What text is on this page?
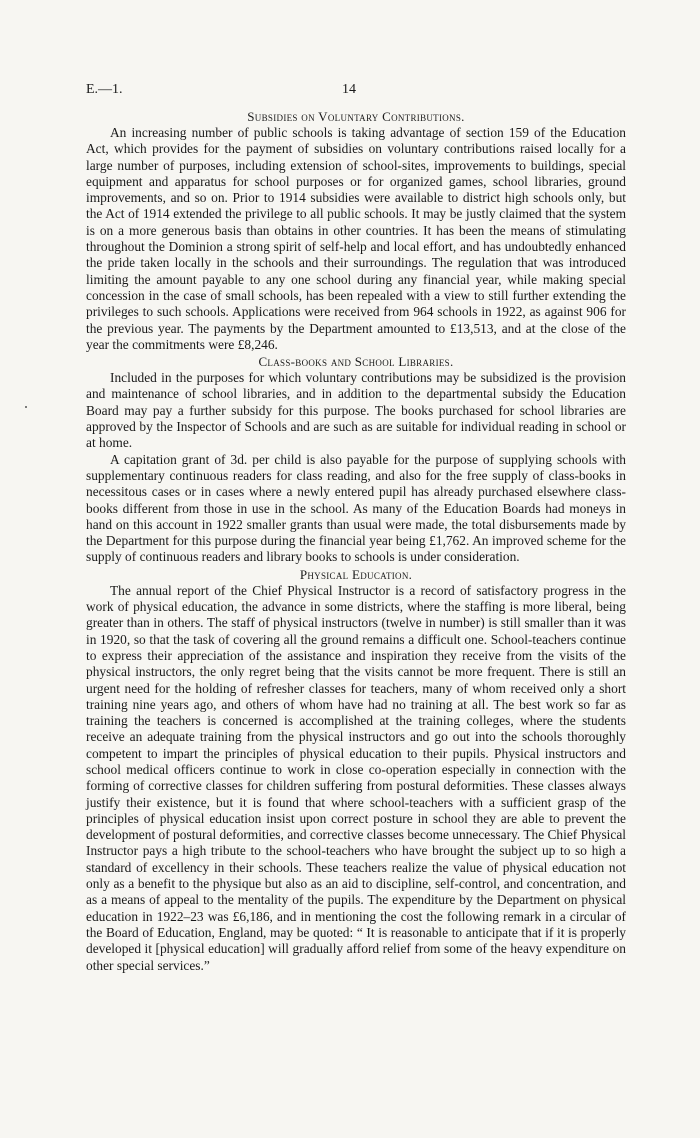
E.—1.	14
Subsidies on Voluntary Contributions.

An increasing number of public schools is taking advantage of section 159 of the Education Act, which provides for the payment of subsidies on voluntary contributions raised locally for a large number of purposes, including extension of school-sites, improvements to buildings, special equipment and apparatus for school purposes or for organized games, school libraries, ground improvements, and so on. Prior to 1914 subsidies were available to district high schools only, but the Act of 1914 extended the privilege to all public schools. It may be justly claimed that the system is on a more generous basis than obtains in other countries. It has been the means of stimulating throughout the Dominion a strong spirit of self-help and local effort, and has undoubtedly enhanced the pride taken locally in the schools and their surroundings. The regulation that was introduced limiting the amount payable to any one school during any financial year, while making special concession in the case of small schools, has been repealed with a view to still further extending the privileges to such schools. Applications were received from 964 schools in 1922, as against 906 for the previous year. The payments by the Department amounted to £13,513, and at the close of the year the commitments were £8,246.

Class-books and School Libraries.

Included in the purposes for which voluntary contributions may be subsidized is the provision and maintenance of school libraries, and in addition to the departmental subsidy the Education Board may pay a further subsidy for this purpose. The books purchased for school libraries are approved by the Inspector of Schools and are such as are suitable for individual reading in school or at home.

A capitation grant of 3d. per child is also payable for the purpose of supplying schools with supplementary continuous readers for class reading, and also for the free supply of class-books in necessitous cases or in cases where a newly entered pupil has already purchased elsewhere class-books different from those in use in the school. As many of the Education Boards had moneys in hand on this account in 1922 smaller grants than usual were made, the total disbursements made by the Department for this purpose during the financial year being £1,762. An improved scheme for the supply of continuous readers and library books to schools is under consideration.

Physical Education.

The annual report of the Chief Physical Instructor is a record of satisfactory progress in the work of physical education, the advance in some districts, where the staffing is more liberal, being greater than in others. The staff of physical instructors (twelve in number) is still smaller than it was in 1920, so that the task of covering all the ground remains a difficult one. School-teachers continue to express their appreciation of the assistance and inspiration they receive from the visits of the physical instructors, the only regret being that the visits cannot be more frequent. There is still an urgent need for the holding of refresher classes for teachers, many of whom received only a short training nine years ago, and others of whom have had no training at all. The best work so far as training the teachers is concerned is accomplished at the training colleges, where the students receive an adequate training from the physical instructors and go out into the schools thoroughly competent to impart the principles of physical education to their pupils. Physical instructors and school medical officers continue to work in close co-operation especially in connection with the forming of corrective classes for children suffering from postural deformities. These classes always justify their existence, but it is found that where school-teachers with a sufficient grasp of the principles of physical education insist upon correct posture in school they are able to prevent the development of postural deformities, and corrective classes become unnecessary. The Chief Physical Instructor pays a high tribute to the school-teachers who have brought the subject up to so high a standard of excellency in their schools. These teachers realize the value of physical education not only as a benefit to the physique but also as an aid to discipline, self-control, and concentration, and as a means of appeal to the mentality of the pupils. The expenditure by the Department on physical education in 1922–23 was £6,186, and in mentioning the cost the following remark in a circular of the Board of Education, England, may be quoted: “ It is reasonable to anticipate that if it is properly developed it [physical education] will gradually afford relief from some of the heavy expenditure on other special services.”
